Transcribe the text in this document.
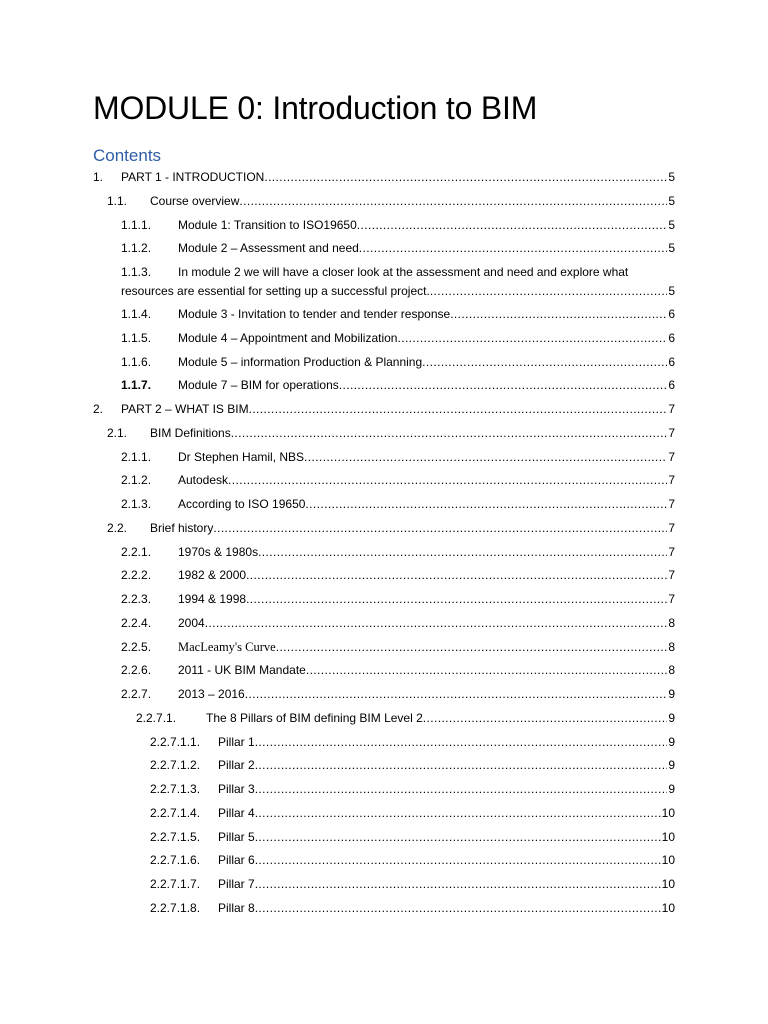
MODULE 0: Introduction to BIM
Contents
1. PART 1 - INTRODUCTION .....	5
1.1. Course overview .....	5
1.1.1. Module 1: Transition to ISO19650 .....	5
1.1.2. Module 2 – Assessment and need .....	5
1.1.3. In module 2 we will have a closer look at the assessment and need and explore what
resources are essential for setting up a successful project. .....	5
1.1.4. Module 3 - Invitation to tender and tender response .....	6
1.1.5. Module 4 – Appointment and Mobilization .....	6
1.1.6. Module 5 – information Production & Planning .....	6
1.1.7. Module 7 – BIM for operations .....	6
2. PART 2 – WHAT IS BIM .....	7
2.1. BIM Definitions .....	7
2.1.1. Dr Stephen Hamil, NBS .....	7
2.1.2. Autodesk .....	7
2.1.3. According to ISO 19650 .....	7
2.2. Brief history .....	7
2.2.1. 1970s & 1980s .....	7
2.2.2. 1982 & 2000 .....	7
2.2.3. 1994 & 1998 .....	7
2.2.4. 2004 .....	8
2.2.5. MacLeamy's Curve .....	8
2.2.6. 2011 - UK BIM Mandate .....	8
2.2.7. 2013 – 2016 .....	9
2.2.7.1. The 8 Pillars of BIM defining BIM Level 2 .....	9
2.2.7.1.1. Pillar 1 .....	9
2.2.7.1.2. Pillar 2 .....	9
2.2.7.1.3. Pillar 3 .....	9
2.2.7.1.4. Pillar 4 .....	10
2.2.7.1.5. Pillar 5 .....	10
2.2.7.1.6. Pillar 6 .....	10
2.2.7.1.7. Pillar 7 .....	10
2.2.7.1.8. Pillar 8 .....	10
